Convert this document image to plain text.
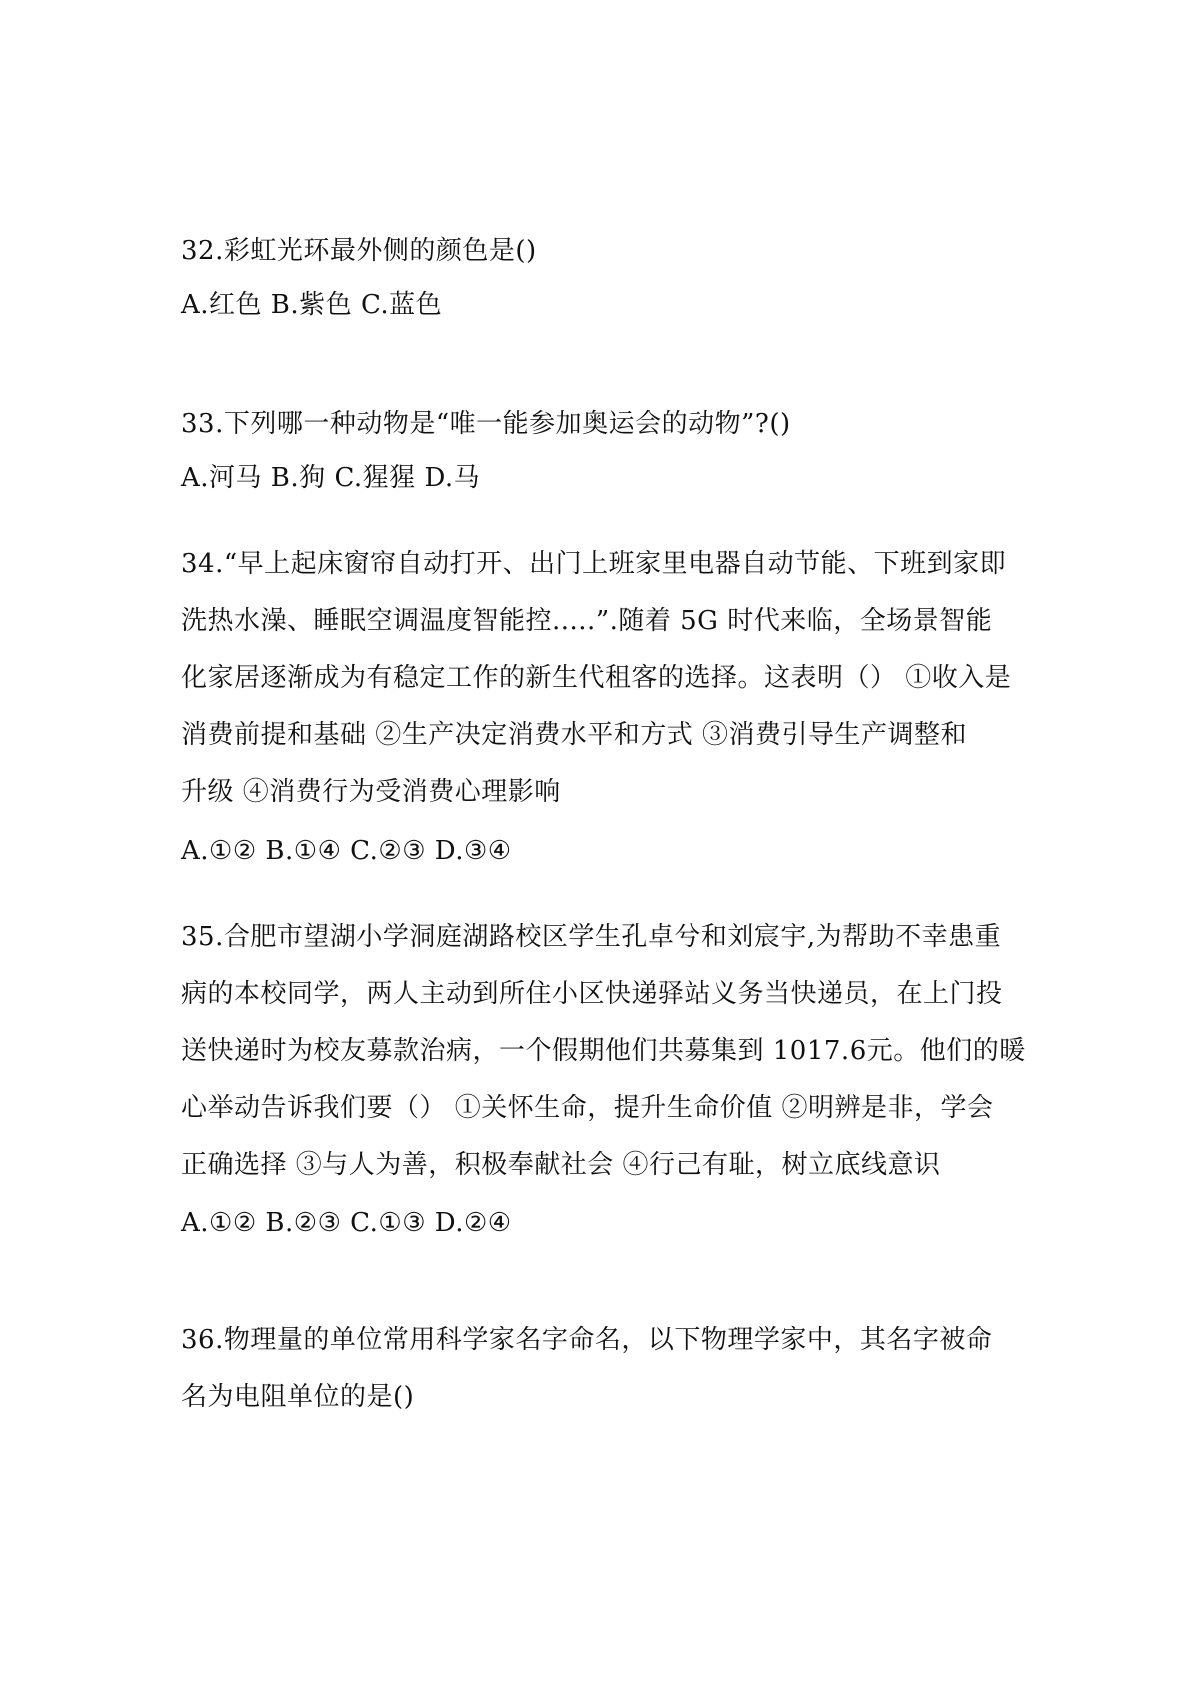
32.彩虹光环最外侧的颜色是()
A.红色 B.紫色 C.蓝色
33.下列哪一种动物是“唯一能参加奥运会的动物”?()
A.河马 B.狗 C.猩猩 D.马
34.“早上起床窗帘自动打开、出门上班家里电器自动节能、下班到家即
洗热水澡、睡眠空调温度智能控.....”.随着 5G 时代来临，全场景智能
化家居逐渐成为有稳定工作的新生代租客的选择。这表明（） ①收入是
消费前提和基础 ②生产决定消费水平和方式 ③消费引导生产调整和
升级 ④消费行为受消费心理影响
A.①② B.①④ C.②③ D.③④
35.合肥市望湖小学洞庭湖路校区学生孔卓兮和刘宸宇,为帮助不幸患重
病的本校同学，两人主动到所住小区快递驿站义务当快递员，在上门投
送快递时为校友募款治病，一个假期他们共募集到 1017.6元。他们的暖
心举动告诉我们要（） ①关怀生命，提升生命价值 ②明辨是非，学会
正确选择 ③与人为善，积极奉献社会 ④行己有耻，树立底线意识
A.①② B.②③ C.①③ D.②④
36.物理量的单位常用科学家名字命名，以下物理学家中，其名字被命
名为电阻单位的是()
